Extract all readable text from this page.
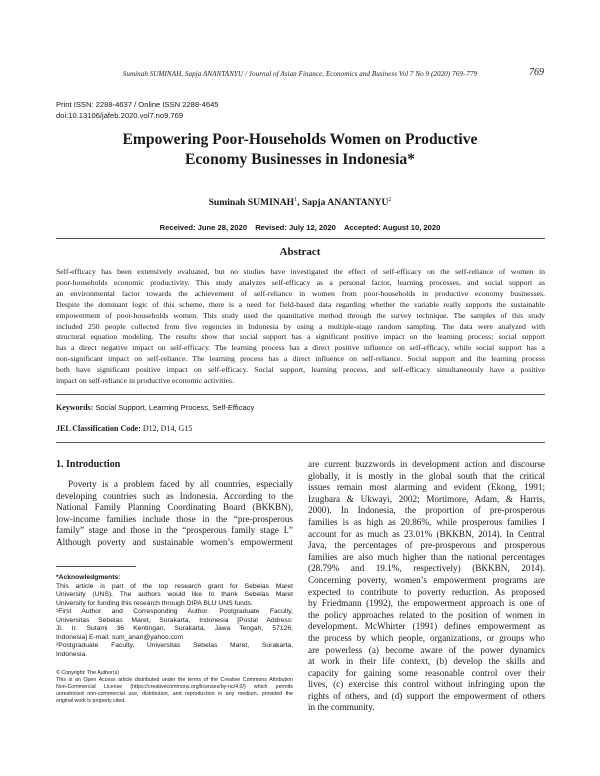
Suminah SUMINAH, Sapja ANANTANYU / Journal of Asian Finance, Economics and Business Vol 7 No 9 (2020) 769–779	769
Print ISSN: 2288-4637 / Online ISSN 2288-4645
doi:10.13106/jafeb.2020.vol7.no9.769
Empowering Poor-Households Women on Productive
Economy Businesses in Indonesia*
Suminah SUMINAH$^1$, Sapja ANANTANYU$^2$
Received: June 28, 2020 Revised: July 12, 2020 Accepted: August 10, 2020
Abstract
Self-efficacy has been extensively evaluated, but no studies have investigated the effect of self-efficacy on the self-reliance of women in
poor-households economic productivity. This study analyzes self-efficacy as a personal factor, learning processes, and social support as
an environmental factor towards the achievement of self-reliance in women from poor-households in productive economy businesses.
Despite the dominant logic of this scheme, there is a need for field-based data regarding whether the variable really supports the sustainable
empowerment of poor-households women. This study used the quantitative method through the survey technique. The samples of this study
included 250 people collected from five regencies in Indonesia by using a multiple-stage random sampling. The data were analyzed with
structural equation modeling. The results show that social support has a significant positive impact on the learning process; social support
has a direct negative impact on self-efficacy. The learning process has a direct positive influence on self-efficacy, while social support has a
non-significant impact on self-reliance. The learning process has a direct influence on self-reliance. Social support and the learning process
both have significant positive impact on self-efficacy. Social support, learning process, and self-efficacy simultaneously have a positive
impact on self-reliance in productive economic activities.
Keywords: Social Support, Learning Process, Self-Efficacy
JEL Classification Code: D12, D14, G15
1. Introduction
Poverty is a problem faced by all countries, especially
developing countries such as Indonesia. According to the
National Family Planning Coordinating Board (BKKBN),
low-income families include those in the “pre-prosperous
family” stage and those in the “prosperous family stage I.”
Although poverty and sustainable women’s empowerment
*Acknowledgments:
This article is part of the top research grant for Sebelas Maret
University (UNS). The authors would like to thank Sebelas Maret
University for funding this research through DIPA BLU UNS funds.
¹First Author and Corresponding Author. Postgraduate Faculty,
Universitas Sebelas Maret, Surakarta, Indonesia [Postal Address:
Jl. Ir. Sutami 36 Kentingan, Surakarta, Jawa Tengah, 57126,
Indonesia] E-mail: sum_anan@yahoo.com
²Postgraduate Faculty, Universitas Sebelas Maret, Surakarta,
Indonesia.
© Copyright: The Author(s)
This is an Open Access article distributed under the terms of the Creative Commons Attribution
Non-Commercial License (https://creativecommons.org/licenses/by-nc/4.0/) which permits
unrestricted non-commercial use, distribution, and reproduction in any medium, provided the
original work is properly cited.
are current buzzwords in development action and discourse
globally, it is mostly in the global south that the critical
issues remain most alarming and evident (Ekong, 1991;
Izugbara & Ukwayi, 2002; Mortimore, Adam, & Harris,
2000). In Indonesia, the proportion of pre-prosperous
families is as high as 20.86%, while prosperous families I
account for as much as 23.01% (BKKBN, 2014). In Central
Java, the percentages of pre-prosperous and prosperous
families are also much higher than the national percentages
(28.79% and 19.1%, respectively) (BKKBN, 2014).
Concerning poverty, women’s empowerment programs are
expected to contribute to poverty reduction. As proposed
by Friedmann (1992), the empowerment approach is one of
the policy approaches related to the position of women in
development. McWhirter (1991) defines empowerment as
the process by which people, organizations, or groups who
are powerless (a) become aware of the power dynamics
at work in their life context, (b) develop the skills and
capacity for gaining some reasonable control over their
lives, (c) exercise this control without infringing upon the
rights of others, and (d) support the empowerment of others
in the community.
